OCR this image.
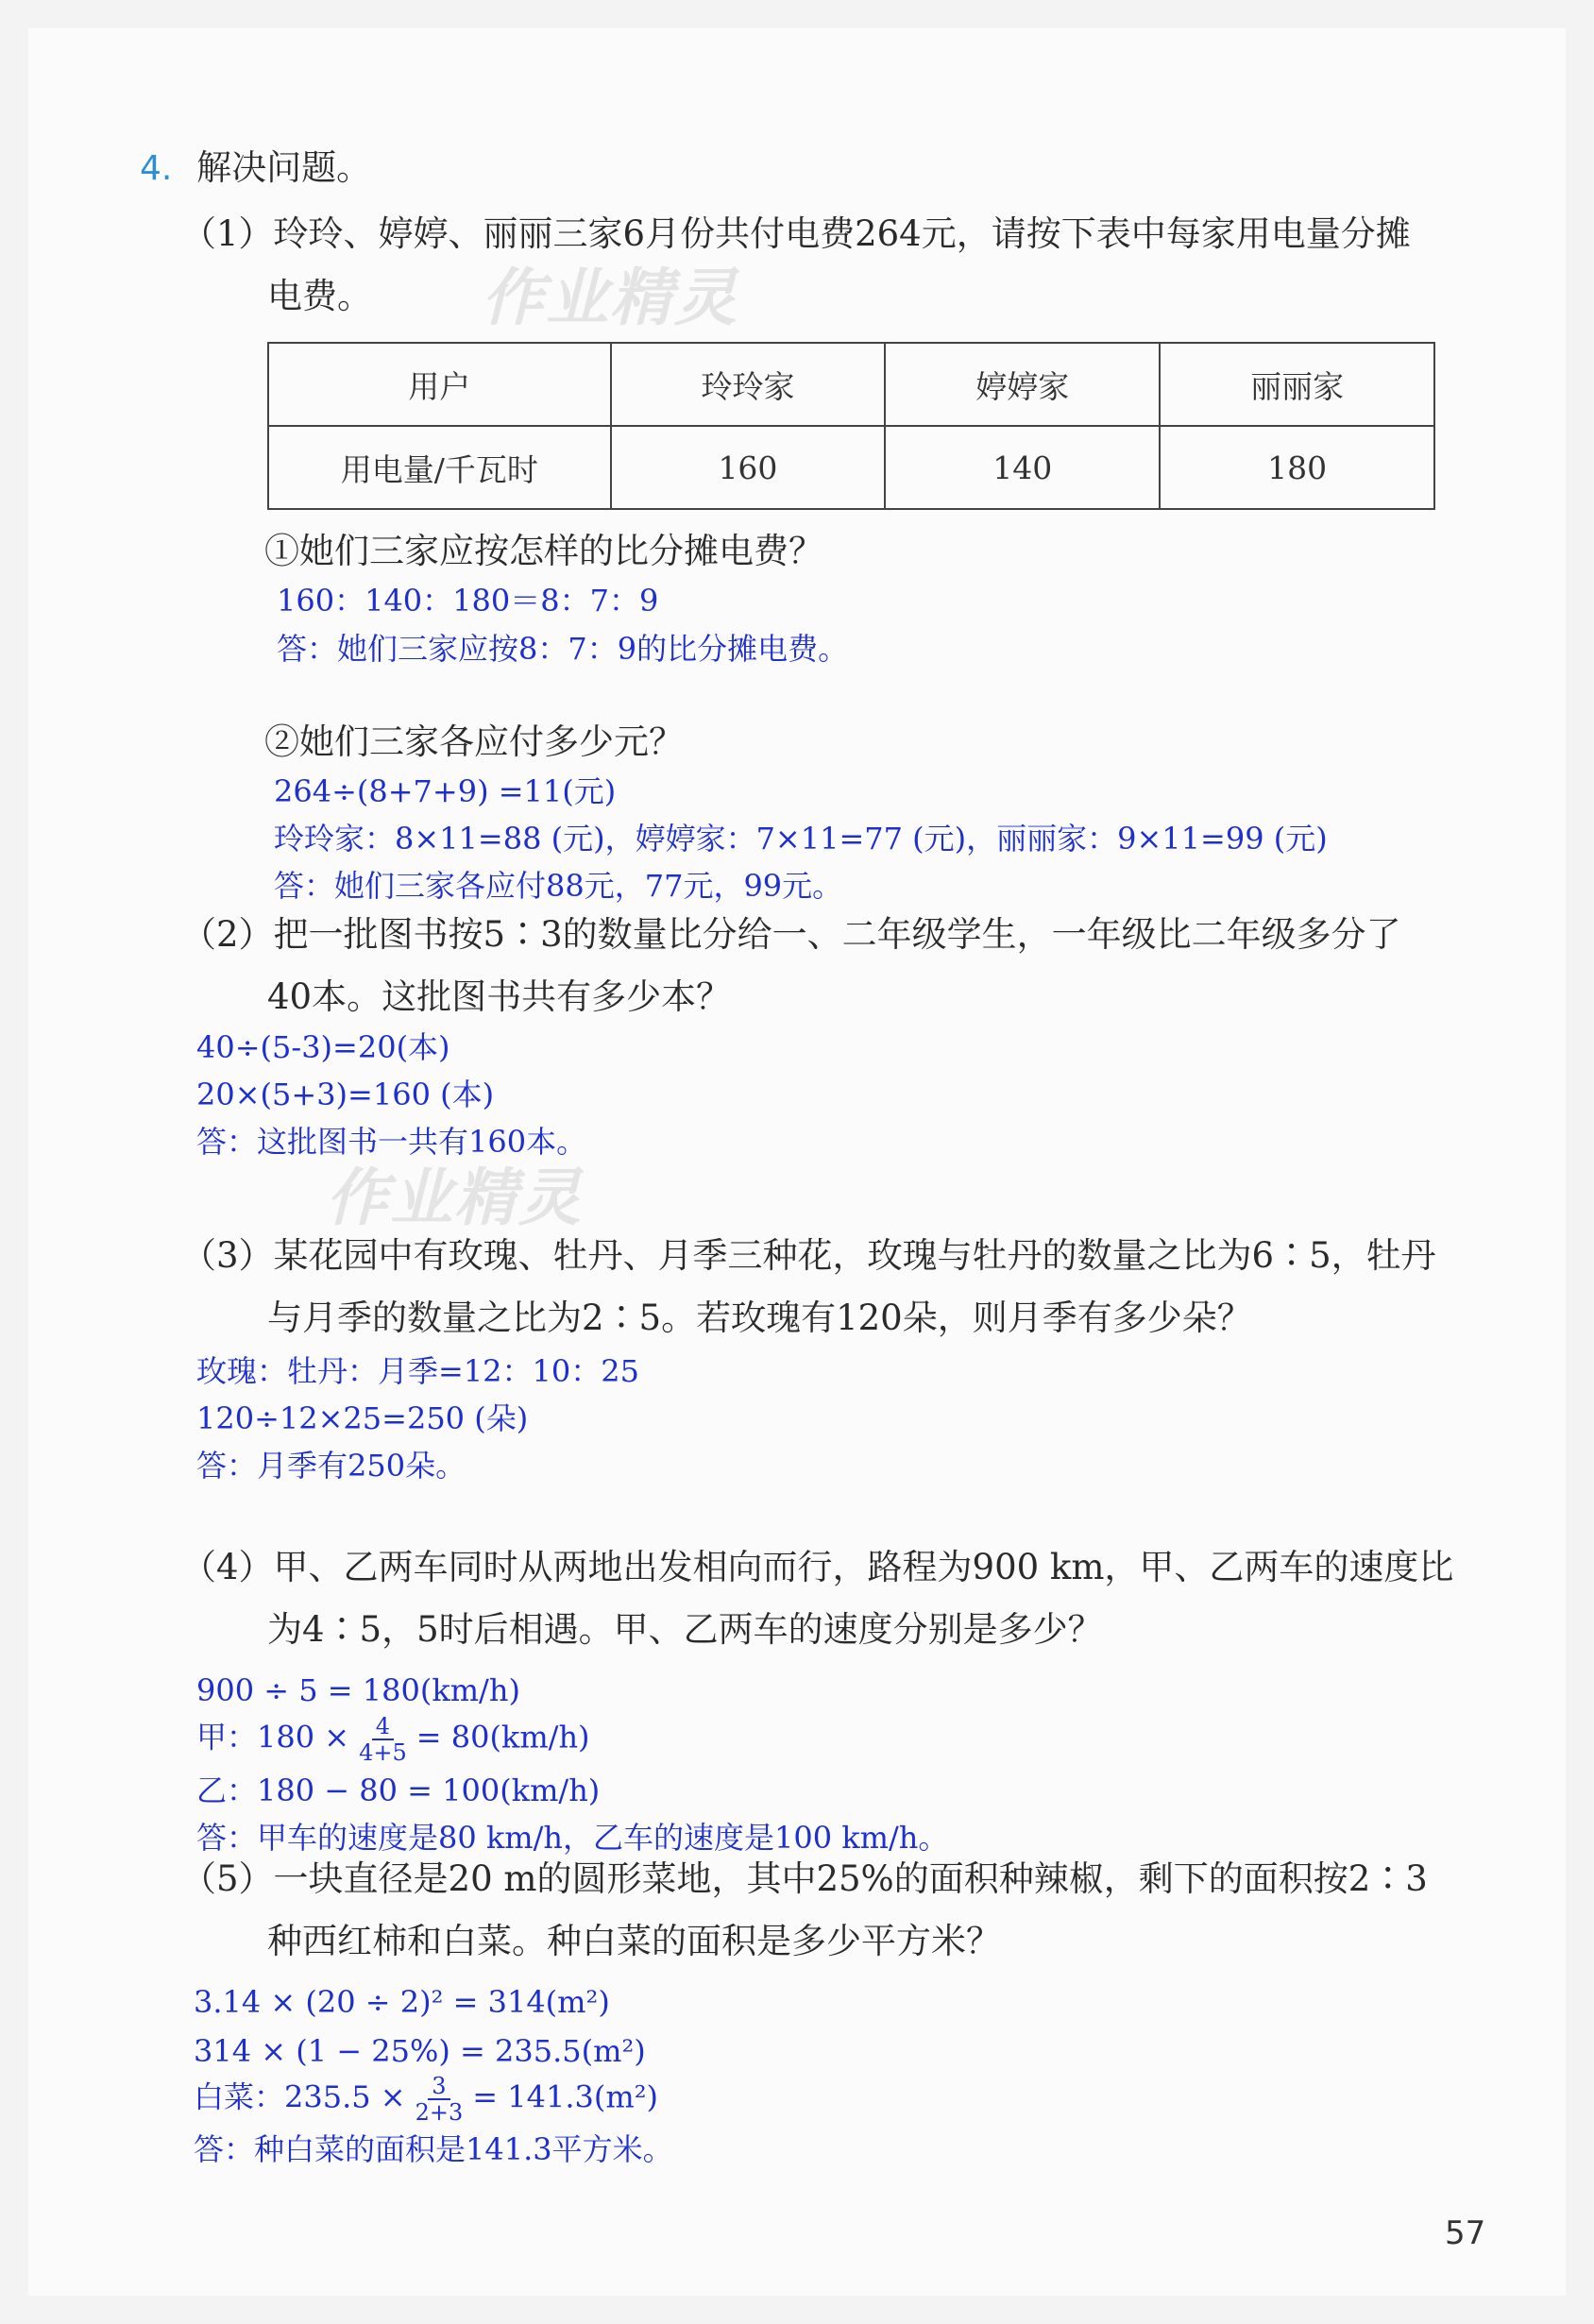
4. 解决问题。
（1）玲玲、婷婷、丽丽三家6月份共付电费264元，请按下表中每家用电量分摊
电费。 作业精灵
用户	玲玲家	婷婷家	丽丽家
用电量/千瓦时	160	140	180
①她们三家应按怎样的比分摊电费？
160：140：180＝8：7：9
答：她们三家应按8：7：9的比分摊电费。
②她们三家各应付多少元？
264÷(8+7+9) =11(元)
玲玲家：8×11=88 (元)，婷婷家：7×11=77 (元)，丽丽家：9×11=99 (元)
答：她们三家各应付88元，77元，99元。
（2）把一批图书按5∶3的数量比分给一、二年级学生，一年级比二年级多分了
40本。这批图书共有多少本？
40÷(5-3)=20(本)
20×(5+3)=160 (本)
答：这批图书一共有160本。
作业精灵
（3）某花园中有玫瑰、牡丹、月季三种花，玫瑰与牡丹的数量之比为6∶5，牡丹
与月季的数量之比为2∶5。若玫瑰有120朵，则月季有多少朵？
玫瑰：牡丹：月季=12：10：25
120÷12×25=250 (朵)
答：月季有250朵。
（4）甲、乙两车同时从两地出发相向而行，路程为900 km，甲、乙两车的速度比
为4∶5，5时后相遇。甲、乙两车的速度分别是多少？
900 ÷ 5 = 180(km/h)
甲：$180 \times \frac{4}{4+5} = 80(km/h)$
乙：180 − 80 = 100(km/h)
答：甲车的速度是80 km/h，乙车的速度是100 km/h。
（5）一块直径是20 m的圆形菜地，其中25%的面积种辣椒，剩下的面积按2∶3
种西红柿和白菜。种白菜的面积是多少平方米？
3.14 × (20 ÷ 2)² = 314(m²)
314 × (1 − 25%) = 235.5(m²)
白菜：$235.5 \times \frac{3}{2+3} = 141.3(m^2)$
答：种白菜的面积是141.3平方米。
57
